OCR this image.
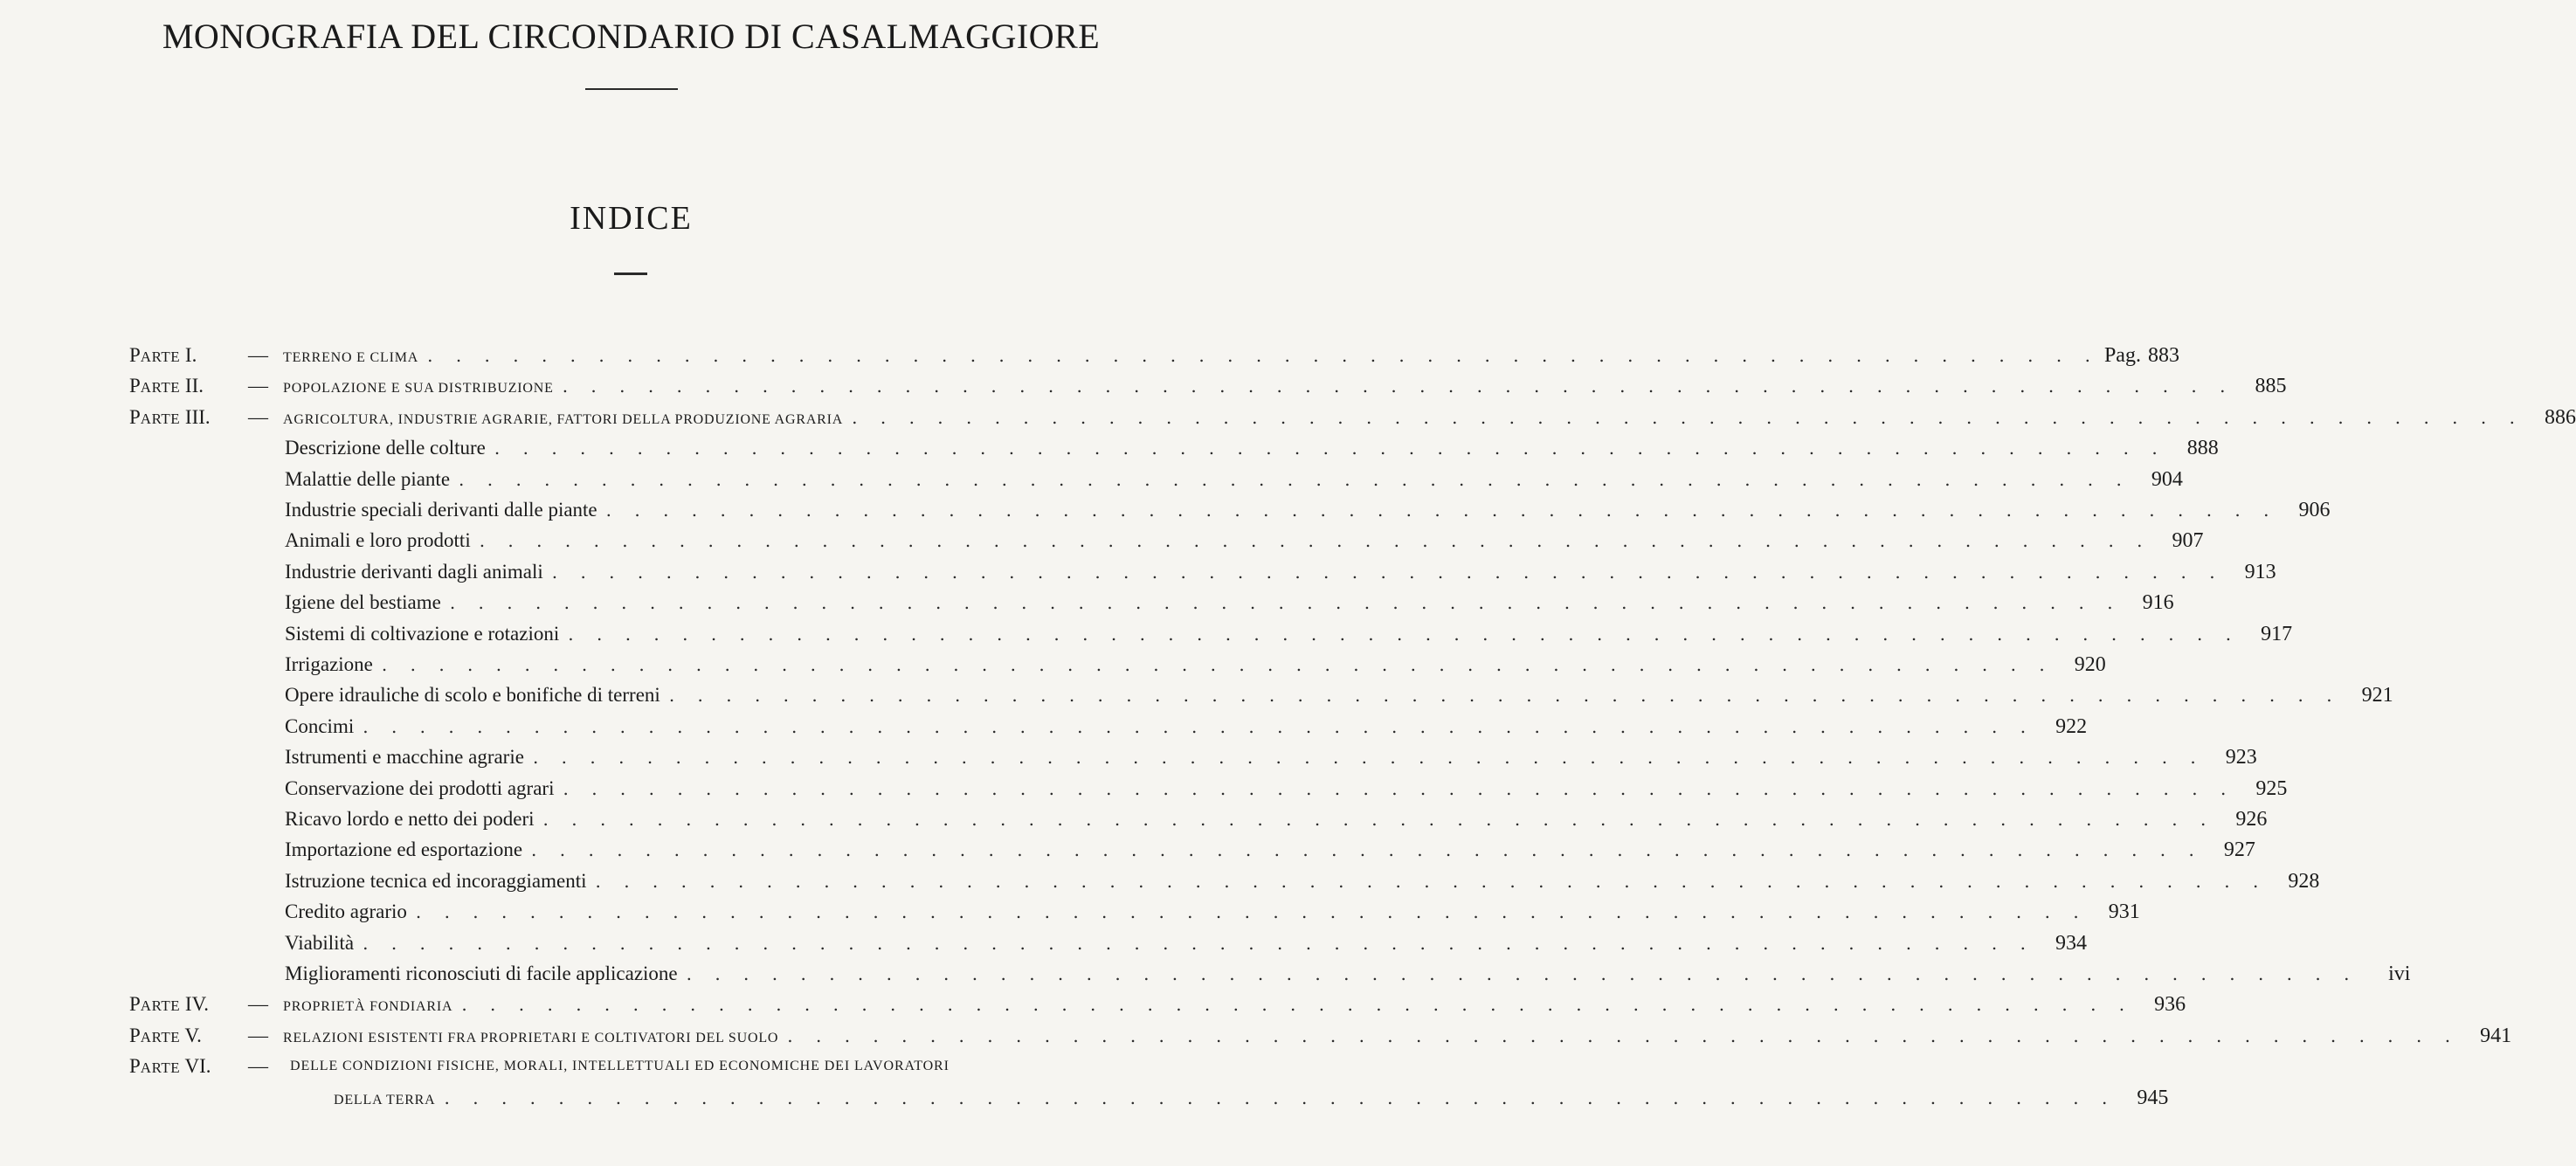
MONOGRAFIA DEL CIRCONDARIO DI CASALMAGGIORE
INDICE
PARTE I.	— TERRENO E CLIMA . . . . . . . . . . . . . . . . . . . . . . . . . . . . . . . . . . . . . . . . . . . . . . . . . . . . . . . . . . . Pag. 883
PARTE II. — POPOLAZIONE E SUA DISTRIBUZIONE . . . . . . . . . . . . . . . . . . . . . . . . . . . . . . . . . . . . . . . . . . . . . . . . . . . . . . . . . . .	885
PARTE III. — AGRICOLTURA, INDUSTRIE AGRARIE, FATTORI DELLA PRODUZIONE AGRARIA . . . . . . . . . . . . . . . . . . . . . . . . . . . . . . . . . . . . . . . . . . . . . . . . . . . . . . . . . . .	886
Descrizione delle colture . . . . . . . . . . . . . . . . . . . . . . . . . . . . . . . . . . . . . . . . . . . . . . . . . . . . . . . . . . .	888
Malattie delle piante . . . . . . . . . . . . . . . . . . . . . . . . . . . . . . . . . . . . . . . . . . . . . . . . . . . . . . . . . . .	904
Industrie speciali derivanti dalle piante . . . . . . . . . . . . . . . . . . . . . . . . . . . . . . . . . . . . . . . . . . . . . . . . . . . . . . . . . . .	906
Animali e loro prodotti . . . . . . . . . . . . . . . . . . . . . . . . . . . . . . . . . . . . . . . . . . . . . . . . . . . . . . . . . . .	907
Industrie derivanti dagli animali . . . . . . . . . . . . . . . . . . . . . . . . . . . . . . . . . . . . . . . . . . . . . . . . . . . . . . . . . . .	913
Igiene del bestiame . . . . . . . . . . . . . . . . . . . . . . . . . . . . . . . . . . . . . . . . . . . . . . . . . . . . . . . . . . .	916
Sistemi di coltivazione e rotazioni . . . . . . . . . . . . . . . . . . . . . . . . . . . . . . . . . . . . . . . . . . . . . . . . . . . . . . . . . . .	917
Irrigazione . . . . . . . . . . . . . . . . . . . . . . . . . . . . . . . . . . . . . . . . . . . . . . . . . . . . . . . . . . .	920
Opere idrauliche di scolo e bonifiche di terreni . . . . . . . . . . . . . . . . . . . . . . . . . . . . . . . . . . . . . . . . . . . . . . . . . . . . . . . . . . .	921
Concimi . . . . . . . . . . . . . . . . . . . . . . . . . . . . . . . . . . . . . . . . . . . . . . . . . . . . . . . . . . .	922
Istrumenti e macchine agrarie . . . . . . . . . . . . . . . . . . . . . . . . . . . . . . . . . . . . . . . . . . . . . . . . . . . . . . . . . . .	923
Conservazione dei prodotti agrari . . . . . . . . . . . . . . . . . . . . . . . . . . . . . . . . . . . . . . . . . . . . . . . . . . . . . . . . . . .	925
Ricavo lordo e netto dei poderi . . . . . . . . . . . . . . . . . . . . . . . . . . . . . . . . . . . . . . . . . . . . . . . . . . . . . . . . . . .	926
Importazione ed esportazione . . . . . . . . . . . . . . . . . . . . . . . . . . . . . . . . . . . . . . . . . . . . . . . . . . . . . . . . . . .	927
Istruzione tecnica ed incoraggiamenti . . . . . . . . . . . . . . . . . . . . . . . . . . . . . . . . . . . . . . . . . . . . . . . . . . . . . . . . . . .	928
Credito agrario . . . . . . . . . . . . . . . . . . . . . . . . . . . . . . . . . . . . . . . . . . . . . . . . . . . . . . . . . . .	931
Viabilità . . . . . . . . . . . . . . . . . . . . . . . . . . . . . . . . . . . . . . . . . . . . . . . . . . . . . . . . . . .	934
Miglioramenti riconosciuti di facile applicazione . . . . . . . . . . . . . . . . . . . . . . . . . . . . . . . . . . . . . . . . . . . . . . . . . . . . . . . . . . .	ivi
PARTE IV. — PROPRIETÀ FONDIARIA . . . . . . . . . . . . . . . . . . . . . . . . . . . . . . . . . . . . . . . . . . . . . . . . . . . . . . . . . . .	936
PARTE V. — RELAZIONI ESISTENTI FRA PROPRIETARI E COLTIVATORI DEL SUOLO . . . . . . . . . . . . . . . . . . . . . . . . . . . . . . . . . . . . . . . . . . . . . . . . . . . . . . . . . . .	941
PARTE VI. — DELLE CONDIZIONI FISICHE, MORALI, INTELLETTUALI ED ECONOMICHE DEI LAVORATORI
DELLA TERRA . . . . . . . . . . . . . . . . . . . . . . . . . . . . . . . . . . . . . . . . . . . . . . . . . . . . . . . . . . .	945
